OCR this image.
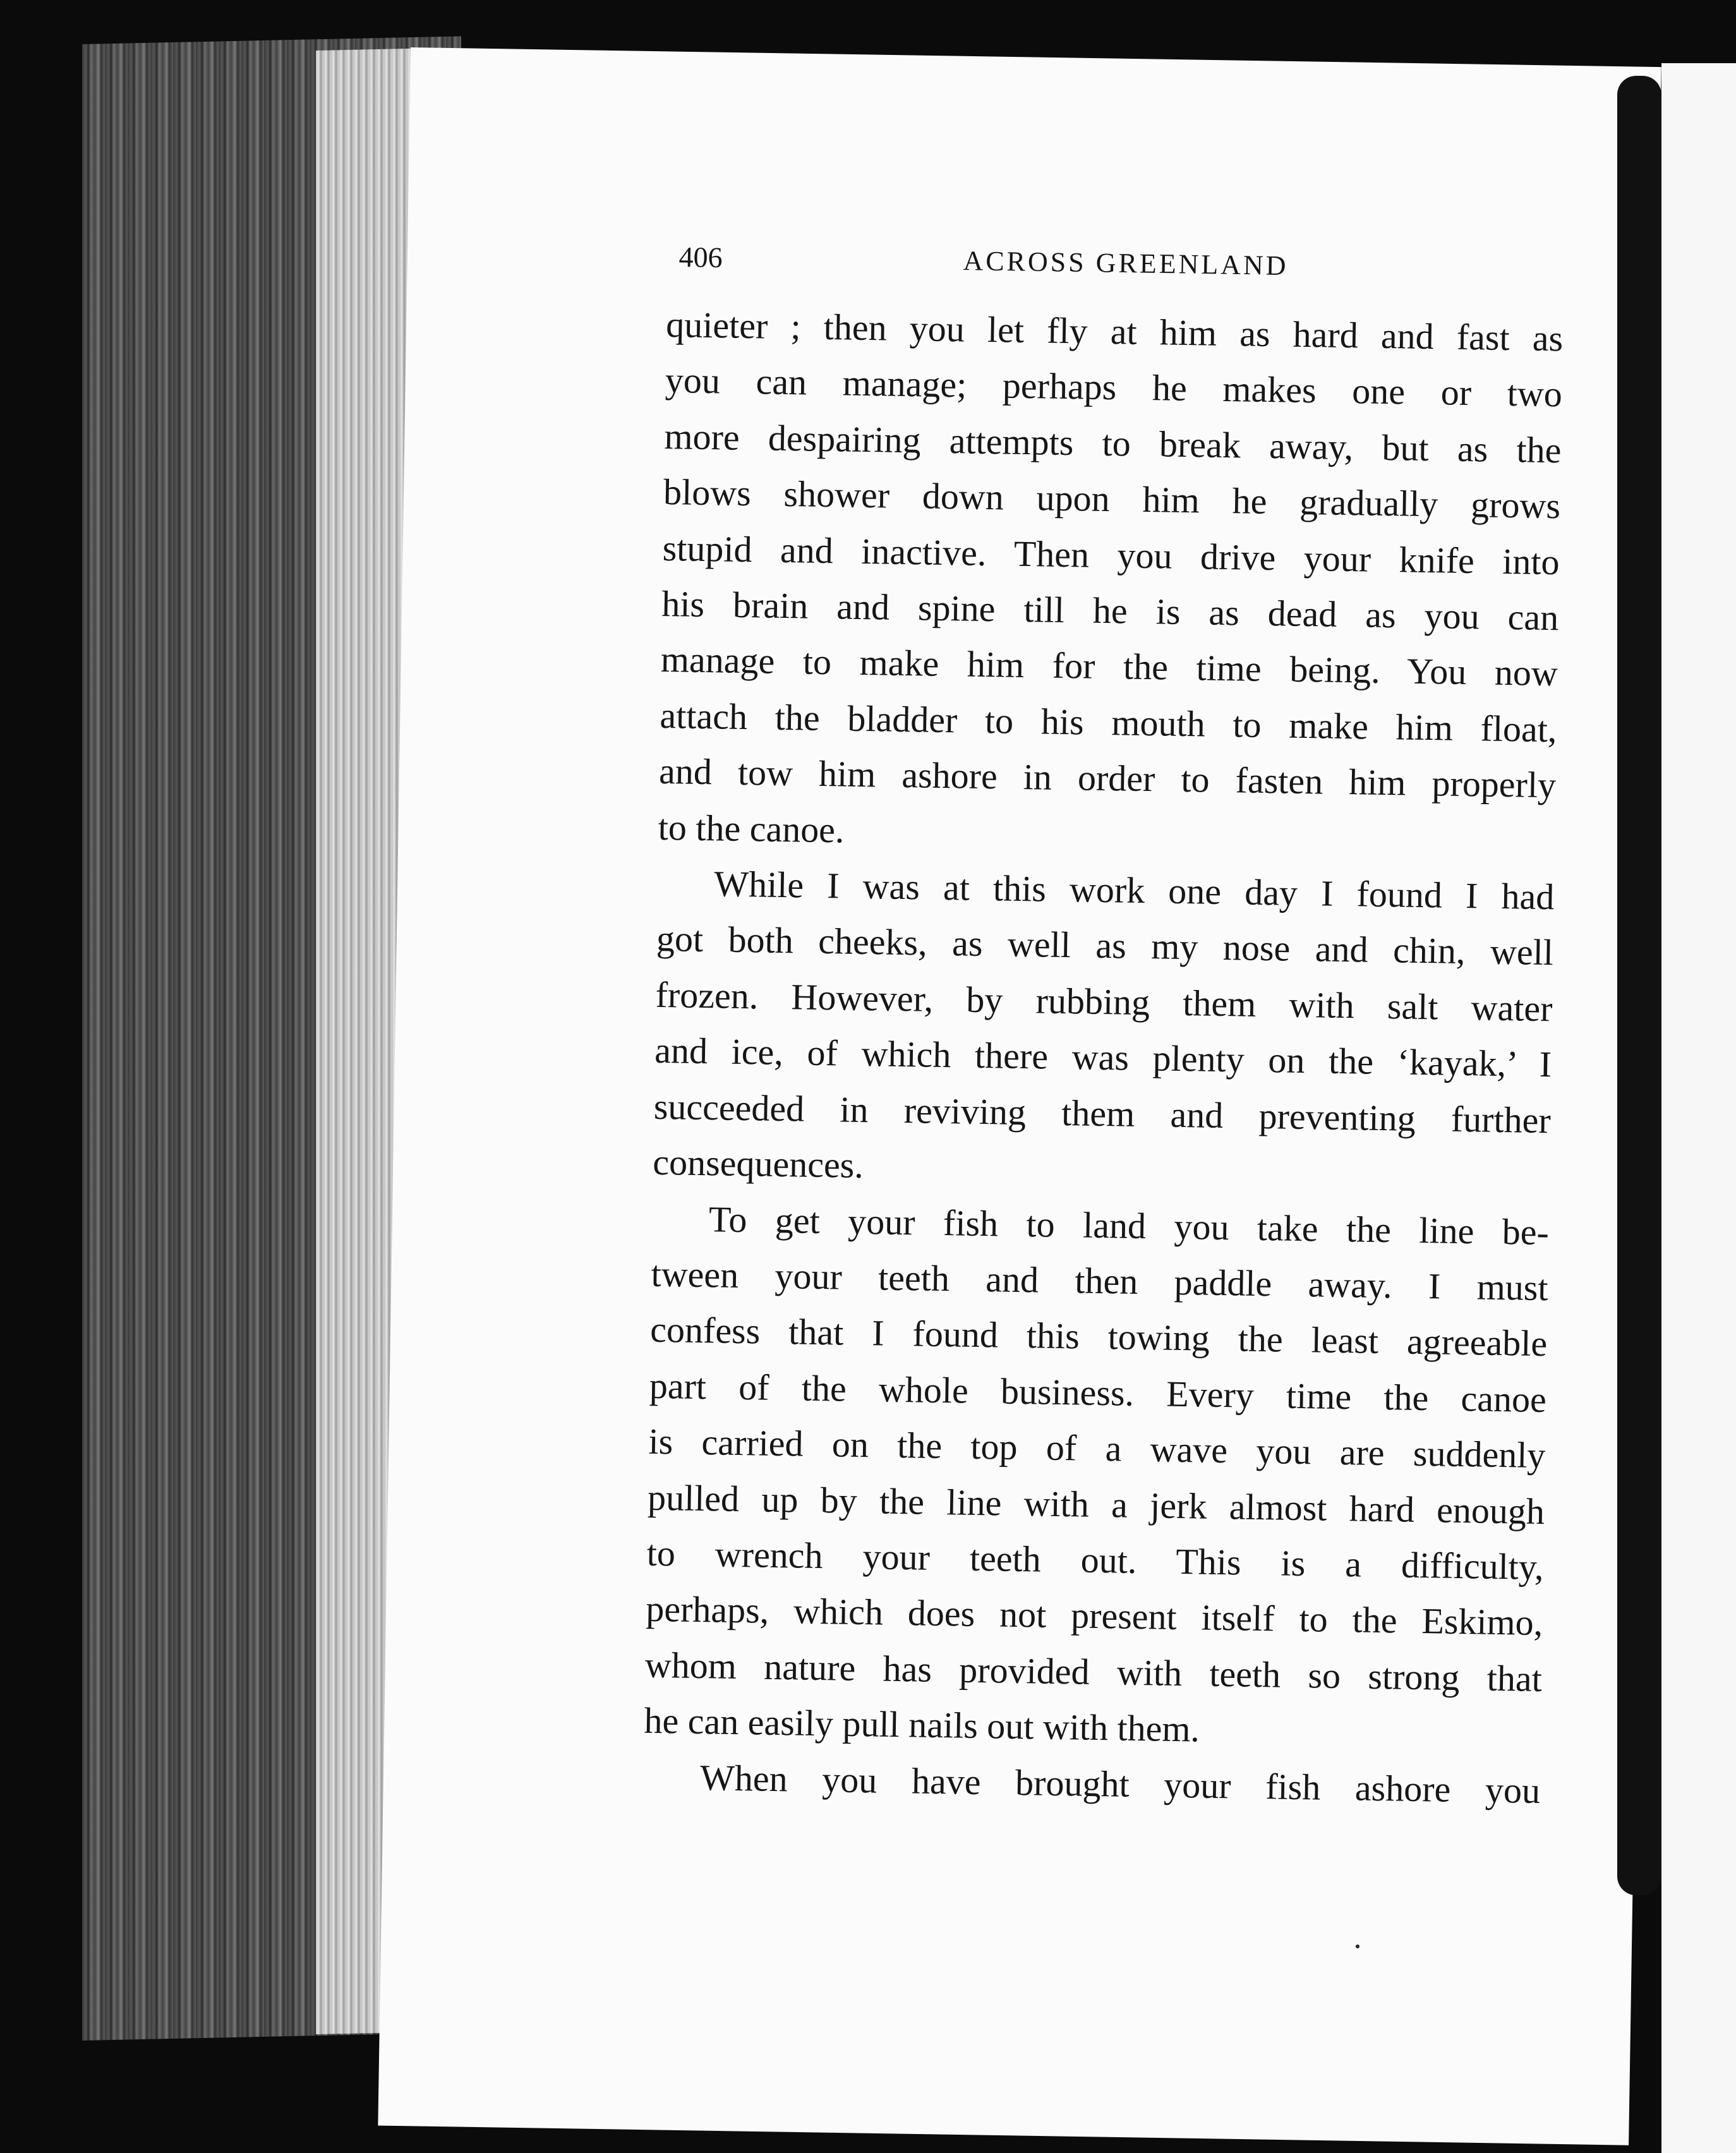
406	ACROSS GREENLAND

quieter ; then you let fly at him as hard and fast as
you can manage; perhaps he makes one or two
more despairing attempts to break away, but as the
blows shower down upon him he gradually grows
stupid and inactive. Then you drive your knife into
his brain and spine till he is as dead as you can
manage to make him for the time being. You now
attach the bladder to his mouth to make him float,
and tow him ashore in order to fasten him properly
to the canoe.

While I was at this work one day I found I had
got both cheeks, as well as my nose and chin, well
frozen. However, by rubbing them with salt water
and ice, of which there was plenty on the ‘kayak,’ I
succeeded in reviving them and preventing further
consequences.

To get your fish to land you take the line be-
tween your teeth and then paddle away. I must
confess that I found this towing the least agreeable
part of the whole business. Every time the canoe
is carried on the top of a wave you are suddenly
pulled up by the line with a jerk almost hard enough
to wrench your teeth out. This is a difficulty,
perhaps, which does not present itself to the Eskimo,
whom nature has provided with teeth so strong that
he can easily pull nails out with them.

When you have brought your fish ashore you
